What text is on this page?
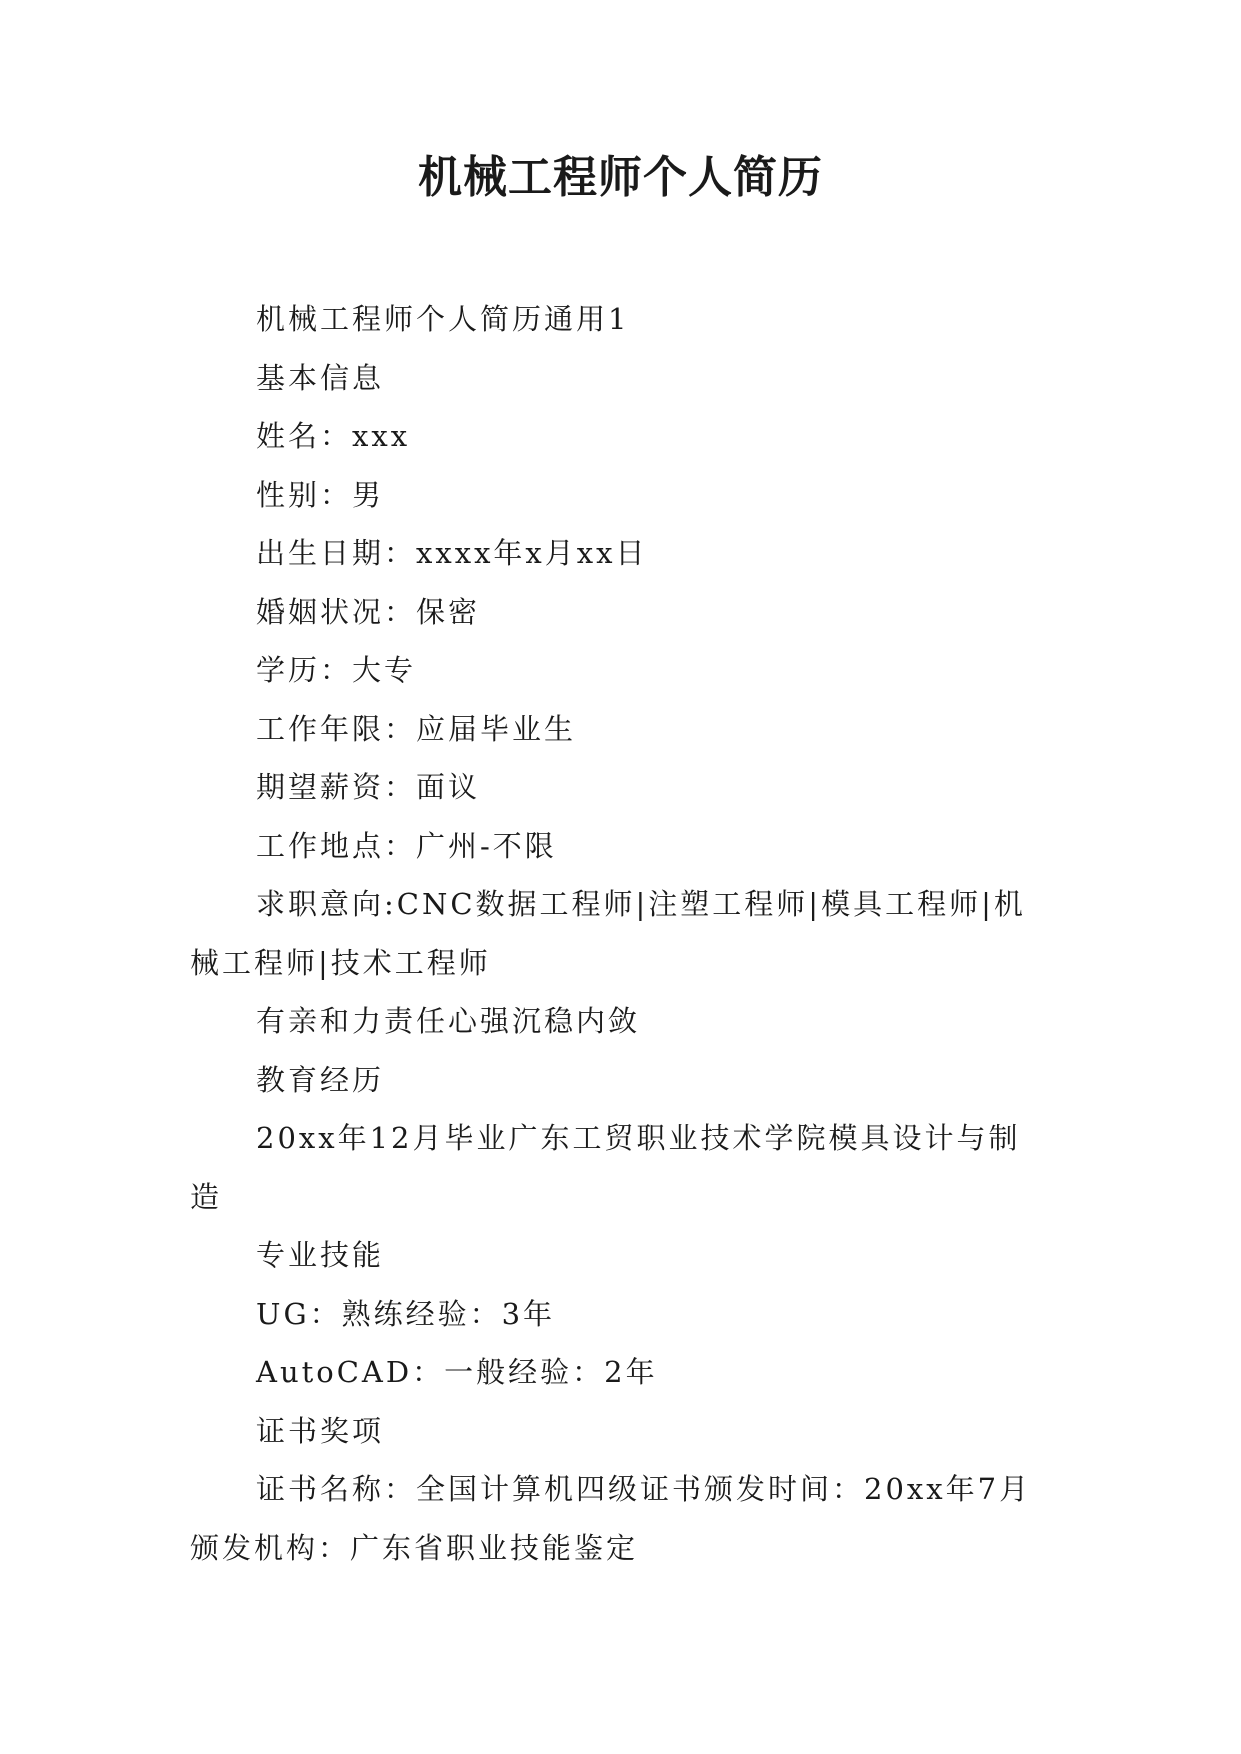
机械工程师个人简历

机械工程师个人简历通用1

基本信息

姓名：xxx

性别：男

出生日期：xxxx年x月xx日

婚姻状况：保密

学历：大专

工作年限：应届毕业生

期望薪资：面议

工作地点：广州-不限

求职意向:CNC数据工程师|注塑工程师|模具工程师|机械工程师|技术工程师

有亲和力责任心强沉稳内敛

教育经历

20xx年12月毕业广东工贸职业技术学院模具设计与制造

专业技能

UG：熟练经验：3年

AutoCAD：一般经验：2年

证书奖项

证书名称：全国计算机四级证书颁发时间：20xx年7月颁发机构：广东省职业技能鉴定
